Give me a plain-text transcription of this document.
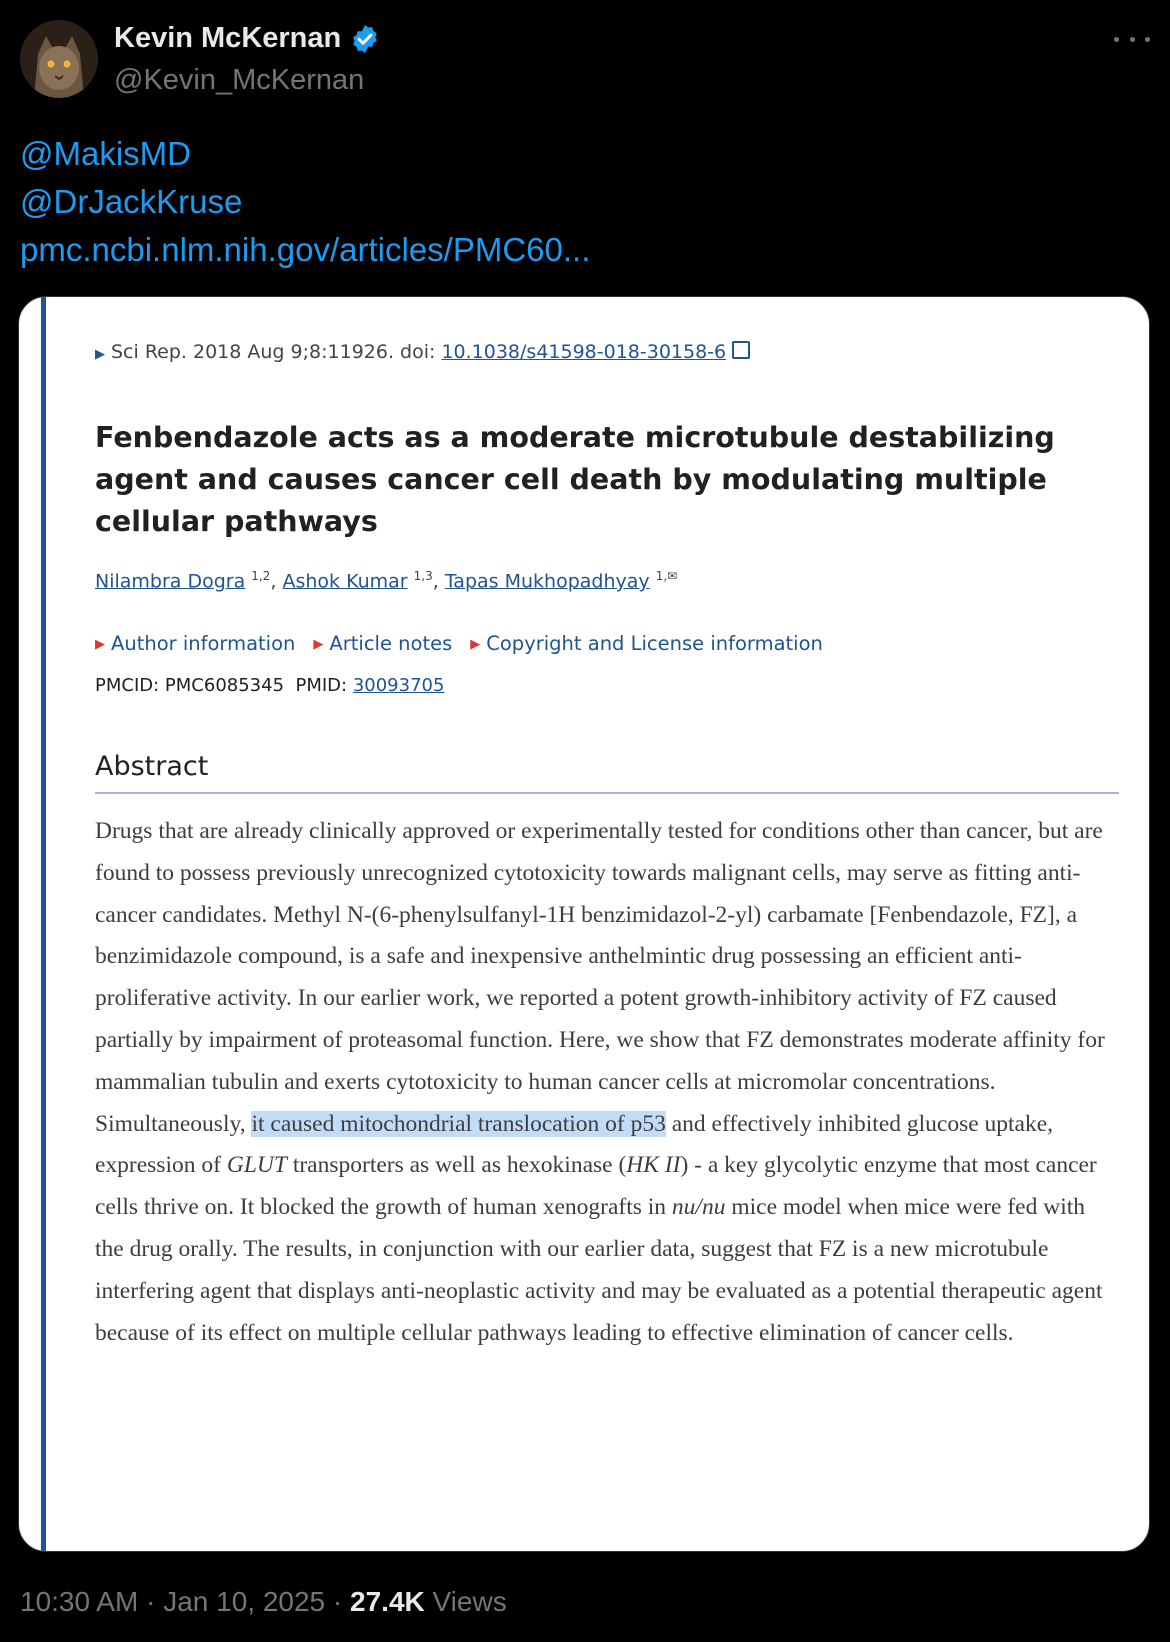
Kevin McKernan
@Kevin_McKernan
@MakisMD
@DrJackKruse
pmc.ncbi.nlm.nih.gov/articles/PMC60...
▶ Sci Rep. 2018 Aug 9;8:11926. doi: 10.1038/s41598-018-30158-6
Fenbendazole acts as a moderate microtubule destabilizing agent and causes cancer cell death by modulating multiple cellular pathways
Nilambra Dogra $^{1,2}$, Ashok Kumar $^{1,3}$, Tapas Mukhopadhyay $^{1,✉}$
▶ Author information ▶ Article notes ▶ Copyright and License information
PMCID: PMC6085345 PMID: 30093705
Abstract
Drugs that are already clinically approved or experimentally tested for conditions other than cancer, but are found to possess previously unrecognized cytotoxicity towards malignant cells, may serve as fitting anti-cancer candidates. Methyl N-(6-phenylsulfanyl-1H benzimidazol-2-yl) carbamate [Fenbendazole, FZ], a benzimidazole compound, is a safe and inexpensive anthelmintic drug possessing an efficient anti-proliferative activity. In our earlier work, we reported a potent growth-inhibitory activity of FZ caused partially by impairment of proteasomal function. Here, we show that FZ demonstrates moderate affinity for mammalian tubulin and exerts cytotoxicity to human cancer cells at micromolar concentrations. Simultaneously, it caused mitochondrial translocation of p53 and effectively inhibited glucose uptake, expression of GLUT transporters as well as hexokinase (HK II) - a key glycolytic enzyme that most cancer cells thrive on. It blocked the growth of human xenografts in nu/nu mice model when mice were fed with the drug orally. The results, in conjunction with our earlier data, suggest that FZ is a new microtubule interfering agent that displays anti-neoplastic activity and may be evaluated as a potential therapeutic agent because of its effect on multiple cellular pathways leading to effective elimination of cancer cells.
10:30 AM · Jan 10, 2025 · 27.4K Views
